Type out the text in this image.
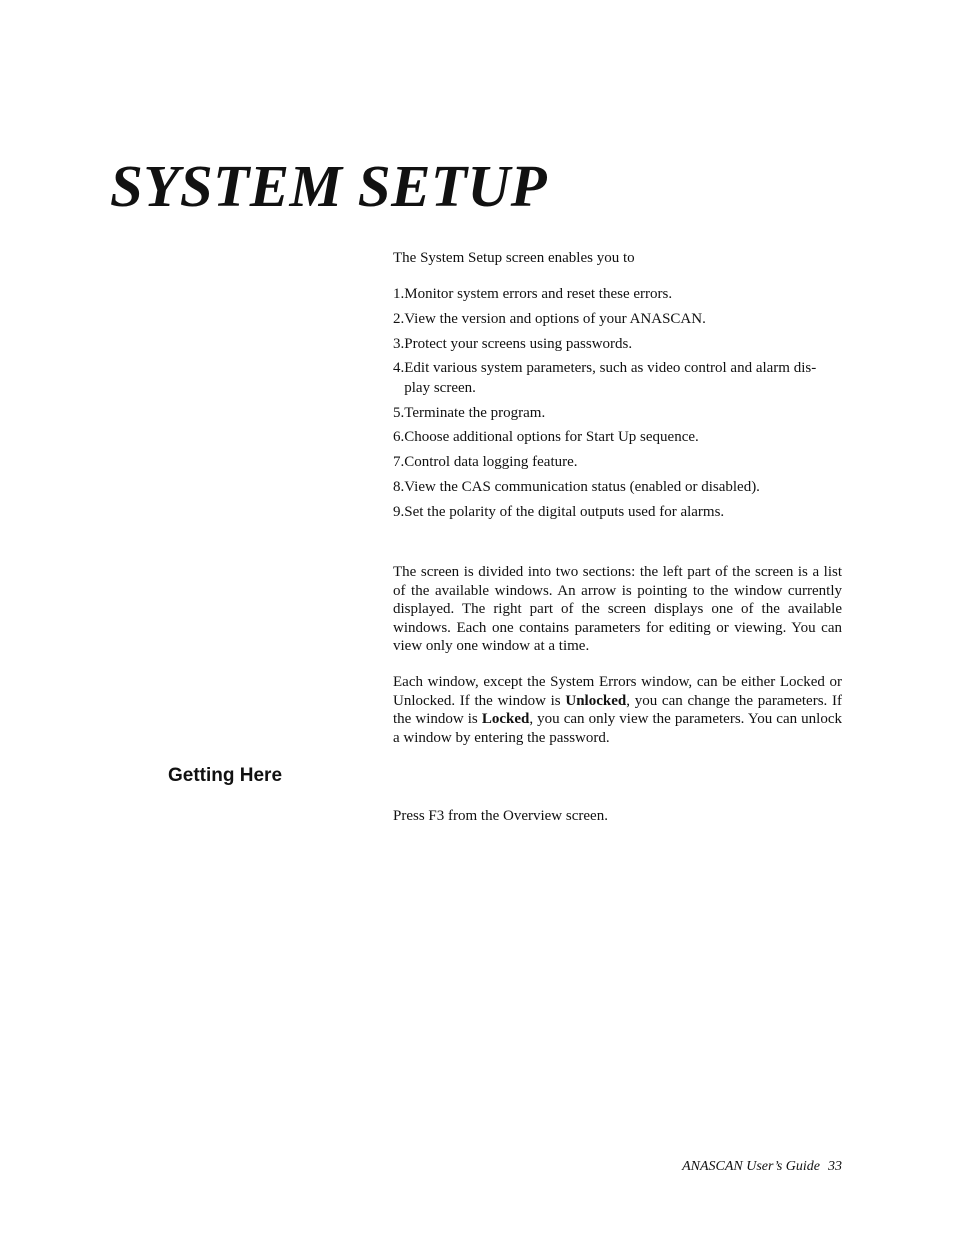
SYSTEM SETUP

The System Setup screen enables you to

1. Monitor system errors and reset these errors.
2. View the version and options of your ANASCAN.
3. Protect your screens using passwords.
4. Edit various system parameters, such as video control and alarm dis-play screen.
5. Terminate the program.
6. Choose additional options for Start Up sequence.
7. Control data logging feature.
8. View the CAS communication status (enabled or disabled).
9. Set the polarity of the digital outputs used for alarms.

The screen is divided into two sections: the left part of the screen is a list of the available windows. An arrow is pointing to the window currently displayed. The right part of the screen displays one of the available windows. Each one contains parameters for editing or viewing. You can view only one window at a time.

Each window, except the System Errors window, can be either Locked or Unlocked. If the window is Unlocked, you can change the parameters. If the window is Locked, you can only view the parameters. You can unlock a window by entering the password.

Getting Here

Press F3 from the Overview screen.

ANASCAN User’s Guide 33
